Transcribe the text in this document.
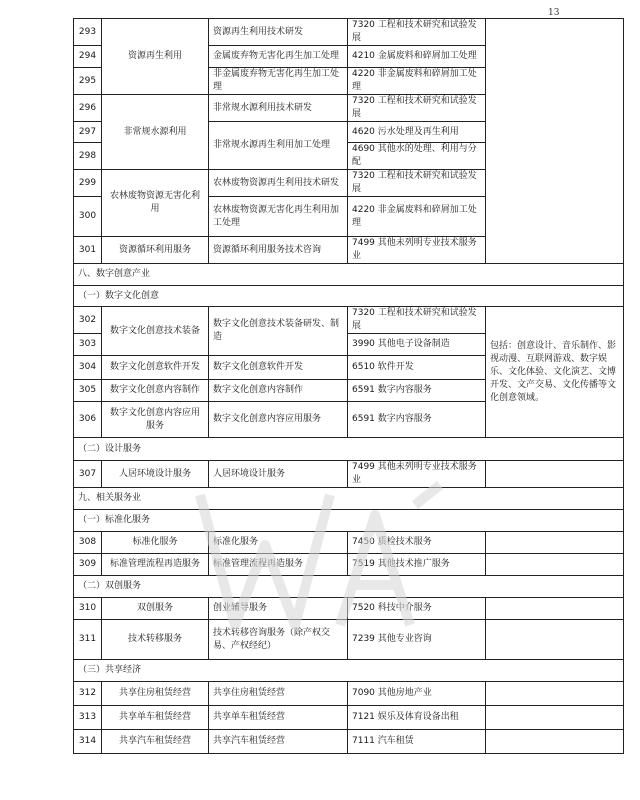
13
293	资源再生利用	资源再生利用技术研发	7320 工程和技术研究和试验发展	
294		金属废弃物无害化再生加工处理	4210 金属废料和碎屑加工处理	
295		非金属废弃物无害化再生加工处理	4220 非金属废料和碎屑加工处理	
296	非常规水源利用	非常规水源利用技术研发	7320 工程和技术研究和试验发展	
297		非常规水源再生利用加工处理	4620 污水处理及再生利用	
298			4690 其他水的处理、利用与分配	
299	农林废物资源无害化利用	农林废物资源再生利用技术研发	7320 工程和技术研究和试验发展	
300		农林废物资源无害化再生利用加工处理	4220 非金属废料和碎屑加工处理	
301	资源循环利用服务	资源循环利用服务技术咨询	7499 其他未列明专业技术服务业	
八、数字创意产业				
（一）数字文化创意				
302	数字文化创意技术装备	数字文化创意技术装备研发、制造	7320 工程和技术研究和试验发展	包括：创意设计、音乐制作、影视动漫、互联网游戏、数字娱乐、文化体验、文化演艺、文博开发、文产交易、文化传播等文化创意领域。
303			3990 其他电子设备制造	
304	数字文化创意软件开发	数字文化创意软件开发	6510 软件开发	
305	数字文化创意内容制作	数字文化创意内容制作	6591 数字内容服务	
306	数字文化创意内容应用服务	数字文化创意内容应用服务	6591 数字内容服务	
（二）设计服务				
307	人居环境设计服务	人居环境设计服务	7499 其他未列明专业技术服务业	
九、相关服务业				
（一）标准化服务				
308	标准化服务	标准化服务	7450 质检技术服务	
309	标准管理流程再造服务	标准管理流程再造服务	7519 其他技术推广服务	
（二）双创服务				
310	双创服务	创业辅导服务	7520 科技中介服务	
311	技术转移服务	技术转移咨询服务（除产权交易、产权经纪）	7239 其他专业咨询	
（三）共享经济				
312	共享住房租赁经营	共享住房租赁经营	7090 其他房地产业	
313	共享单车租赁经营	共享单车租赁经营	7121 娱乐及体育设备出租	
314	共享汽车租赁经营	共享汽车租赁经营	7111 汽车租赁	
